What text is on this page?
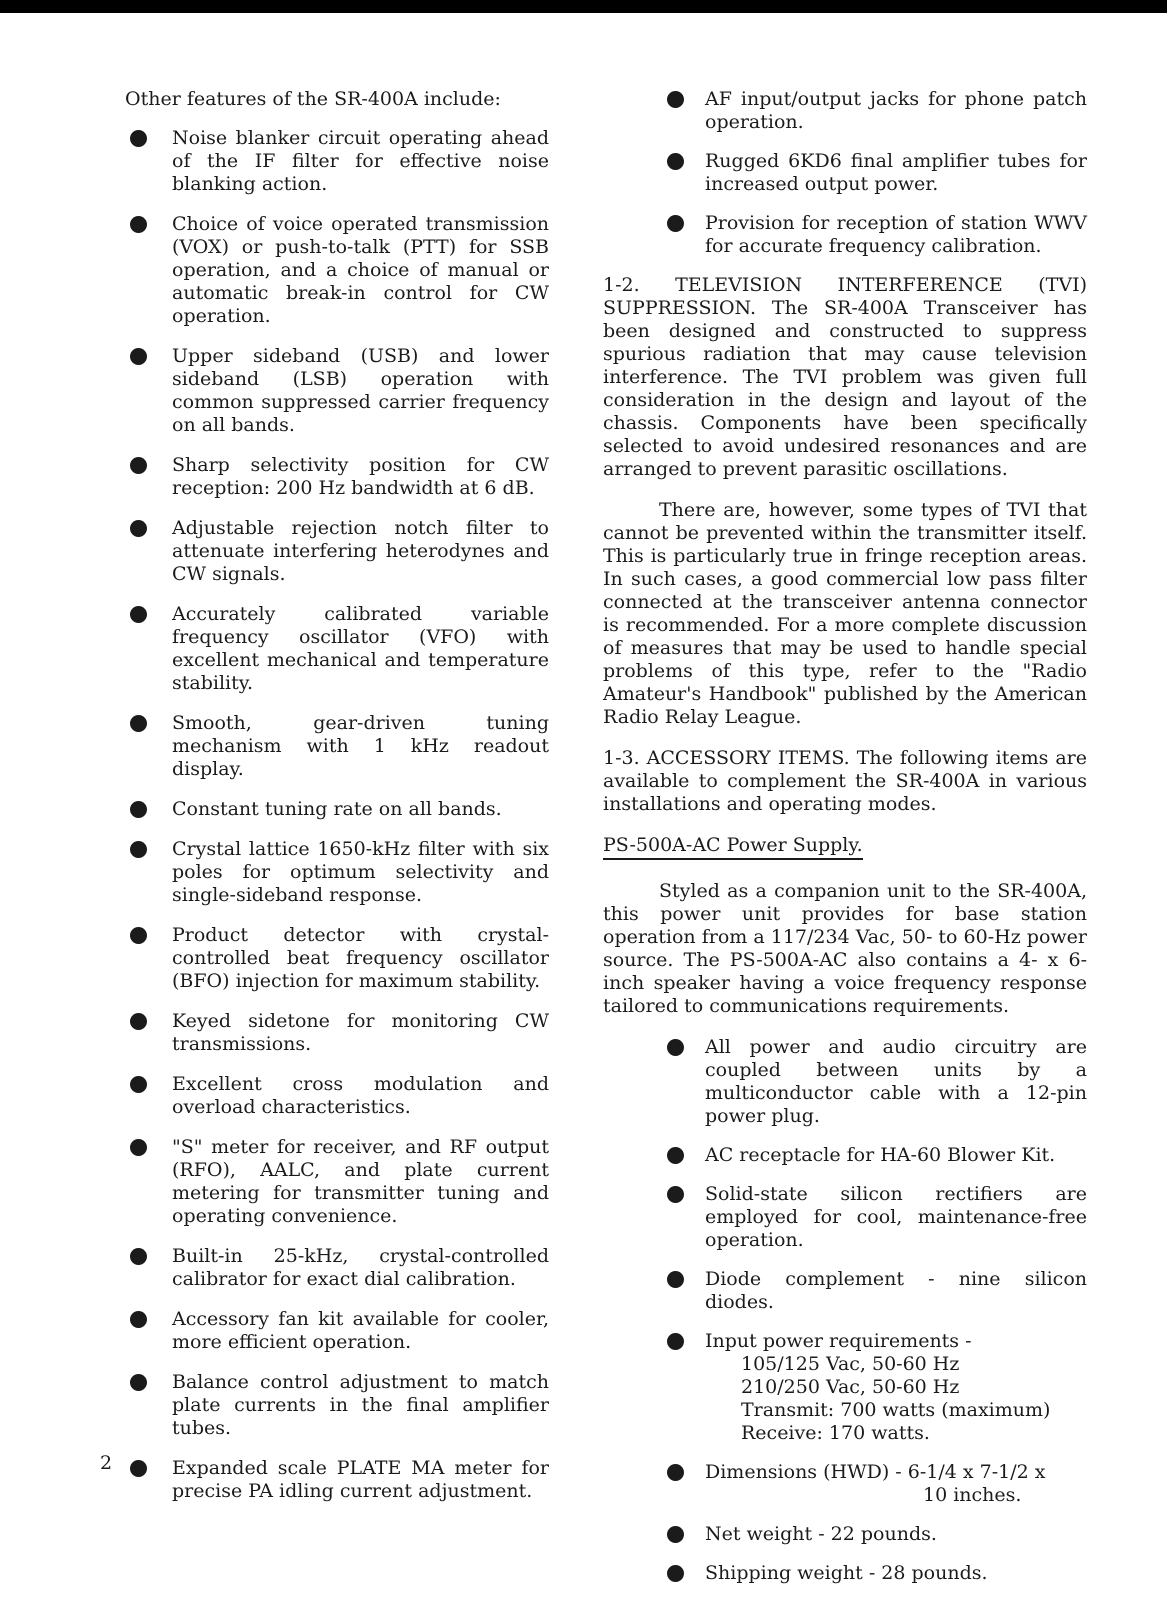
Other features of the SR-400A include:

Noise blanker circuit operating ahead of the IF filter for effective noise blanking action.
Choice of voice operated transmission (VOX) or push-to-talk (PTT) for SSB operation, and a choice of manual or automatic break-in control for CW operation.
Upper sideband (USB) and lower sideband (LSB) operation with common suppressed carrier frequency on all bands.
Sharp selectivity position for CW reception: 200 Hz bandwidth at 6 dB.
Adjustable rejection notch filter to attenuate interfering heterodynes and CW signals.
Accurately calibrated variable frequency oscillator (VFO) with excellent mechanical and temperature stability.
Smooth, gear-driven tuning mechanism with 1 kHz readout display.
Constant tuning rate on all bands.
Crystal lattice 1650-kHz filter with six poles for optimum selectivity and single-sideband response.
Product detector with crystal-controlled beat frequency oscillator (BFO) injection for maximum stability.
Keyed sidetone for monitoring CW transmissions.
Excellent cross modulation and overload characteristics.
"S" meter for receiver, and RF output (RFO), AALC, and plate current metering for transmitter tuning and operating convenience.
Built-in 25-kHz, crystal-controlled calibrator for exact dial calibration.
Accessory fan kit available for cooler, more efficient operation.
Balance control adjustment to match plate currents in the final amplifier tubes.
Expanded scale PLATE MA meter for precise PA idling current adjustment.
AF input/output jacks for phone patch operation.
Rugged 6KD6 final amplifier tubes for increased output power.
Provision for reception of station WWV for accurate frequency calibration.

1-2. TELEVISION INTERFERENCE (TVI) SUPPRESSION. The SR-400A Transceiver has been designed and constructed to suppress spurious radiation that may cause television interference. The TVI problem was given full consideration in the design and layout of the chassis. Components have been specifically selected to avoid undesired resonances and are arranged to prevent parasitic oscillations.

There are, however, some types of TVI that cannot be prevented within the transmitter itself. This is particularly true in fringe reception areas. In such cases, a good commercial low pass filter connected at the transceiver antenna connector is recommended. For a more complete discussion of measures that may be used to handle special problems of this type, refer to the "Radio Amateur's Handbook" published by the American Radio Relay League.

1-3. ACCESSORY ITEMS. The following items are available to complement the SR-400A in various installations and operating modes.

PS-500A-AC Power Supply.

Styled as a companion unit to the SR-400A, this power unit provides for base station operation from a 117/234 Vac, 50- to 60-Hz power source. The PS-500A-AC also contains a 4- x 6-inch speaker having a voice frequency response tailored to communications requirements.

All power and audio circuitry are coupled between units by a multiconductor cable with a 12-pin power plug.
AC receptacle for HA-60 Blower Kit.
Solid-state silicon rectifiers are employed for cool, maintenance-free operation.
Diode complement - nine silicon diodes.
Input power requirements -
105/125 Vac, 50-60 Hz
210/250 Vac, 50-60 Hz
Transmit: 700 watts (maximum)
Receive: 170 watts.
Dimensions (HWD) - 6-1/4 x 7-1/2 x
10 inches.
Net weight - 22 pounds.
Shipping weight - 28 pounds.
2
